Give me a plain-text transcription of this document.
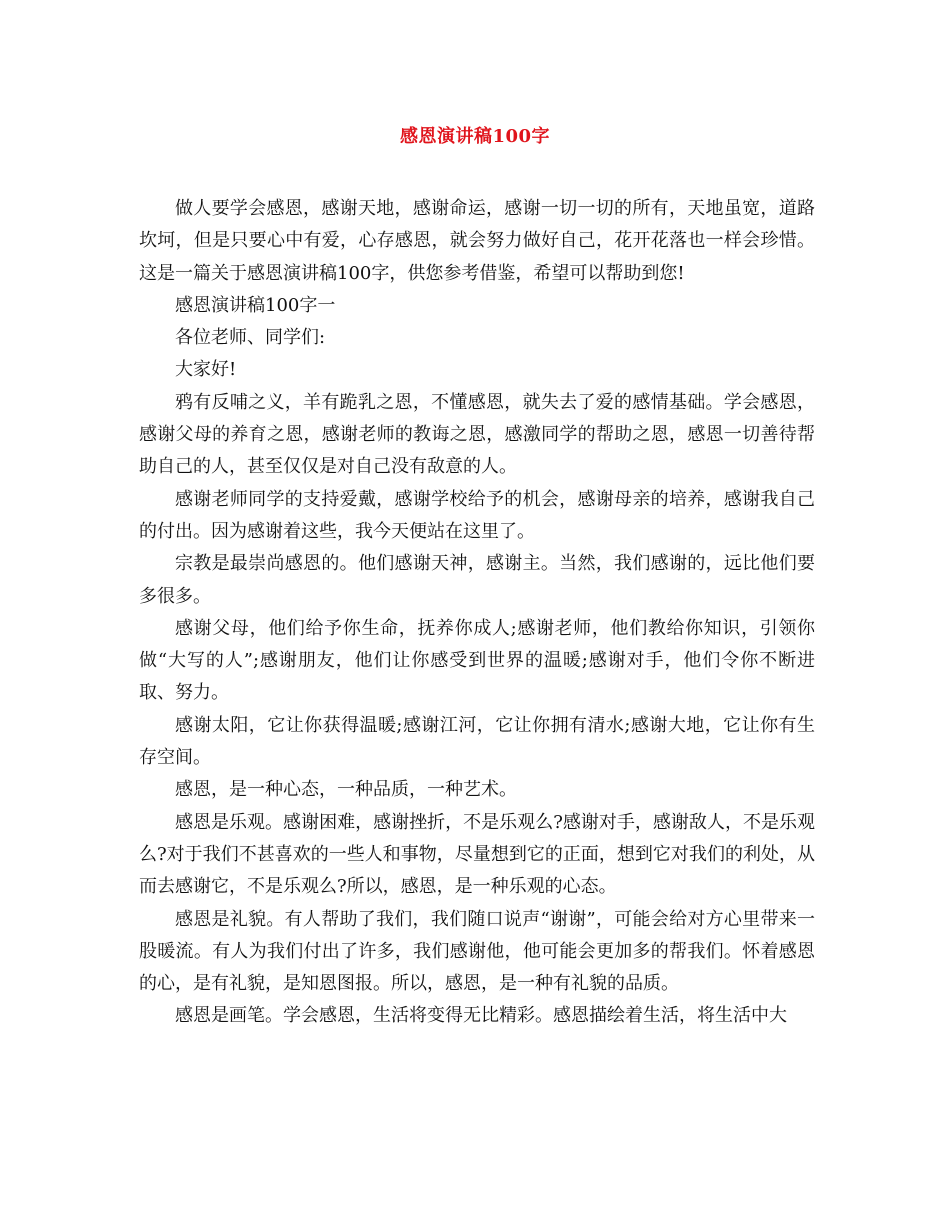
感恩演讲稿100字

做人要学会感恩，感谢天地，感谢命运，感谢一切一切的所有，天地虽宽，道路坎坷，但是只要心中有爱，心存感恩，就会努力做好自己，花开花落也一样会珍惜。这是一篇关于感恩演讲稿100字，供您参考借鉴，希望可以帮助到您!

感恩演讲稿100字一

各位老师、同学们:

大家好!

鸦有反哺之义，羊有跪乳之恩，不懂感恩，就失去了爱的感情基础。学会感恩，感谢父母的养育之恩，感谢老师的教诲之恩，感激同学的帮助之恩，感恩一切善待帮助自己的人，甚至仅仅是对自己没有敌意的人。

感谢老师同学的支持爱戴，感谢学校给予的机会，感谢母亲的培养，感谢我自己的付出。因为感谢着这些，我今天便站在这里了。

宗教是最崇尚感恩的。他们感谢天神，感谢主。当然，我们感谢的，远比他们要多很多。

感谢父母，他们给予你生命，抚养你成人;感谢老师，他们教给你知识，引领你做“大写的人”;感谢朋友，他们让你感受到世界的温暖;感谢对手，他们令你不断进取、努力。

感谢太阳，它让你获得温暖;感谢江河，它让你拥有清水;感谢大地，它让你有生存空间。

感恩，是一种心态，一种品质，一种艺术。

感恩是乐观。感谢困难，感谢挫折，不是乐观么?感谢对手，感谢敌人，不是乐观么?对于我们不甚喜欢的一些人和事物，尽量想到它的正面，想到它对我们的利处，从而去感谢它，不是乐观么?所以，感恩，是一种乐观的心态。

感恩是礼貌。有人帮助了我们，我们随口说声“谢谢”，可能会给对方心里带来一股暖流。有人为我们付出了许多，我们感谢他，他可能会更加多的帮我们。怀着感恩的心，是有礼貌，是知恩图报。所以，感恩，是一种有礼貌的品质。

感恩是画笔。学会感恩，生活将变得无比精彩。感恩描绘着生活，将生活中大
